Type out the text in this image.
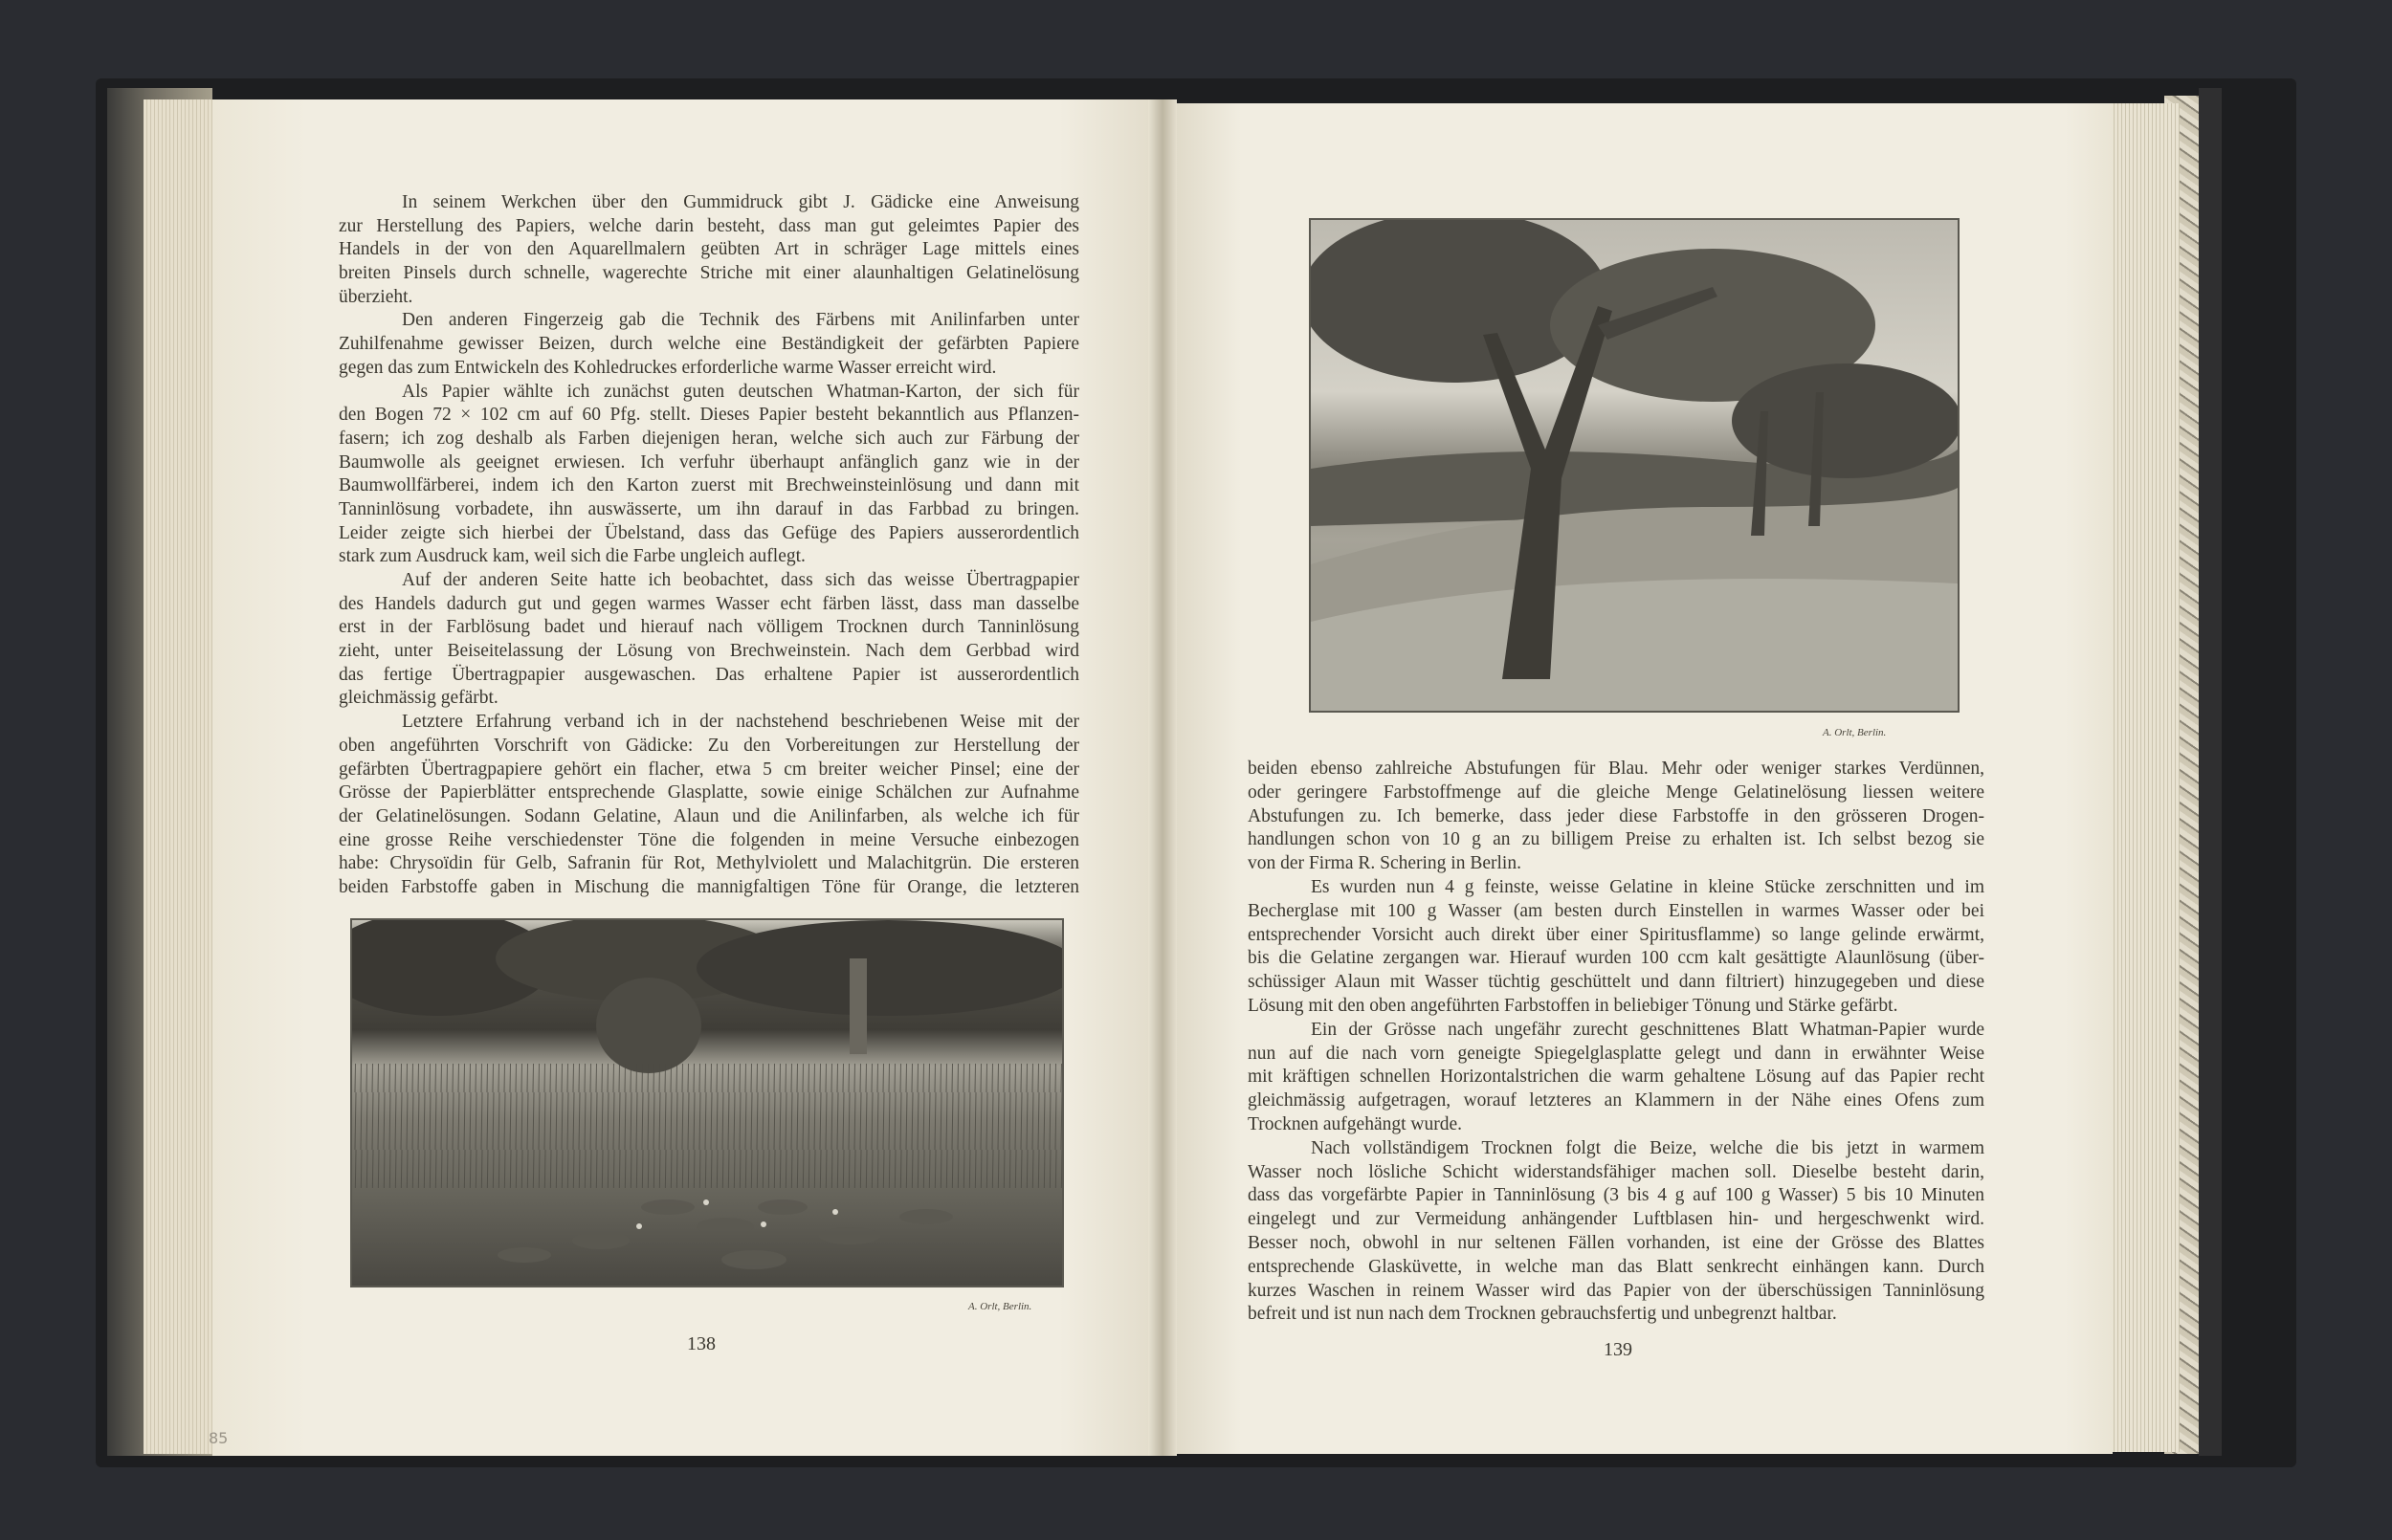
In seinem Werkchen über den Gummidruck gibt J. Gädicke eine Anweisung
zur Herstellung des Papiers, welche darin besteht, dass man gut geleimtes Papier des
Handels in der von den Aquarellmalern geübten Art in schräger Lage mittels eines
breiten Pinsels durch schnelle, wagerechte Striche mit einer alaunhaltigen Gelatinelösung
überzieht.
Den anderen Fingerzeig gab die Technik des Färbens mit Anilinfarben unter
Zuhilfenahme gewisser Beizen, durch welche eine Beständigkeit der gefärbten Papiere
gegen das zum Entwickeln des Kohledruckes erforderliche warme Wasser erreicht wird.
Als Papier wählte ich zunächst guten deutschen Whatman-Karton, der sich für
den Bogen 72 × 102 cm auf 60 Pfg. stellt. Dieses Papier besteht bekanntlich aus Pflanzen-
fasern; ich zog deshalb als Farben diejenigen heran, welche sich auch zur Färbung der
Baumwolle als geeignet erwiesen. Ich verfuhr überhaupt anfänglich ganz wie in der
Baumwollfärberei, indem ich den Karton zuerst mit Brechweinsteinlösung und dann mit
Tanninlösung vorbadete, ihn auswässerte, um ihn darauf in das Farbbad zu bringen.
Leider zeigte sich hierbei der Übelstand, dass das Gefüge des Papiers ausserordentlich
stark zum Ausdruck kam, weil sich die Farbe ungleich auflegt.
Auf der anderen Seite hatte ich beobachtet, dass sich das weisse Übertragpapier
des Handels dadurch gut und gegen warmes Wasser echt färben lässt, dass man dasselbe
erst in der Farblösung badet und hierauf nach völligem Trocknen durch Tanninlösung
zieht, unter Beiseitelassung der Lösung von Brechweinstein. Nach dem Gerbbad wird
das fertige Übertragpapier ausgewaschen. Das erhaltene Papier ist ausserordentlich
gleichmässig gefärbt.
Letztere Erfahrung verband ich in der nachstehend beschriebenen Weise mit der
oben angeführten Vorschrift von Gädicke: Zu den Vorbereitungen zur Herstellung der
gefärbten Übertragpapiere gehört ein flacher, etwa 5 cm breiter weicher Pinsel; eine der
Grösse der Papierblätter entsprechende Glasplatte, sowie einige Schälchen zur Aufnahme
der Gelatinelösungen. Sodann Gelatine, Alaun und die Anilinfarben, als welche ich für
eine grosse Reihe verschiedenster Töne die folgenden in meine Versuche einbezogen
habe: Chrysoïdin für Gelb, Safranin für Rot, Methylviolett und Malachitgrün. Die ersteren
beiden Farbstoffe gaben in Mischung die mannigfaltigen Töne für Orange, die letzteren
A. Orlt, Berlin.
138
85
A. Orlt, Berlin.
beiden ebenso zahlreiche Abstufungen für Blau. Mehr oder weniger starkes Verdünnen,
oder geringere Farbstoffmenge auf die gleiche Menge Gelatinelösung liessen weitere
Abstufungen zu. Ich bemerke, dass jeder diese Farbstoffe in den grösseren Drogen-
handlungen schon von 10 g an zu billigem Preise zu erhalten ist. Ich selbst bezog sie
von der Firma R. Schering in Berlin.
Es wurden nun 4 g feinste, weisse Gelatine in kleine Stücke zerschnitten und im
Becherglase mit 100 g Wasser (am besten durch Einstellen in warmes Wasser oder bei
entsprechender Vorsicht auch direkt über einer Spiritusflamme) so lange gelinde erwärmt,
bis die Gelatine zergangen war. Hierauf wurden 100 ccm kalt gesättigte Alaunlösung (über-
schüssiger Alaun mit Wasser tüchtig geschüttelt und dann filtriert) hinzugegeben und diese
Lösung mit den oben angeführten Farbstoffen in beliebiger Tönung und Stärke gefärbt.
Ein der Grösse nach ungefähr zurecht geschnittenes Blatt Whatman-Papier wurde
nun auf die nach vorn geneigte Spiegelglasplatte gelegt und dann in erwähnter Weise
mit kräftigen schnellen Horizontalstrichen die warm gehaltene Lösung auf das Papier recht
gleichmässig aufgetragen, worauf letzteres an Klammern in der Nähe eines Ofens zum
Trocknen aufgehängt wurde.
Nach vollständigem Trocknen folgt die Beize, welche die bis jetzt in warmem
Wasser noch lösliche Schicht widerstandsfähiger machen soll. Dieselbe besteht darin,
dass das vorgefärbte Papier in Tanninlösung (3 bis 4 g auf 100 g Wasser) 5 bis 10 Minuten
eingelegt und zur Vermeidung anhängender Luftblasen hin- und hergeschwenkt wird.
Besser noch, obwohl in nur seltenen Fällen vorhanden, ist eine der Grösse des Blattes
entsprechende Glasküvette, in welche man das Blatt senkrecht einhängen kann. Durch
kurzes Waschen in reinem Wasser wird das Papier von der überschüssigen Tanninlösung
befreit und ist nun nach dem Trocknen gebrauchsfertig und unbegrenzt haltbar.
139
